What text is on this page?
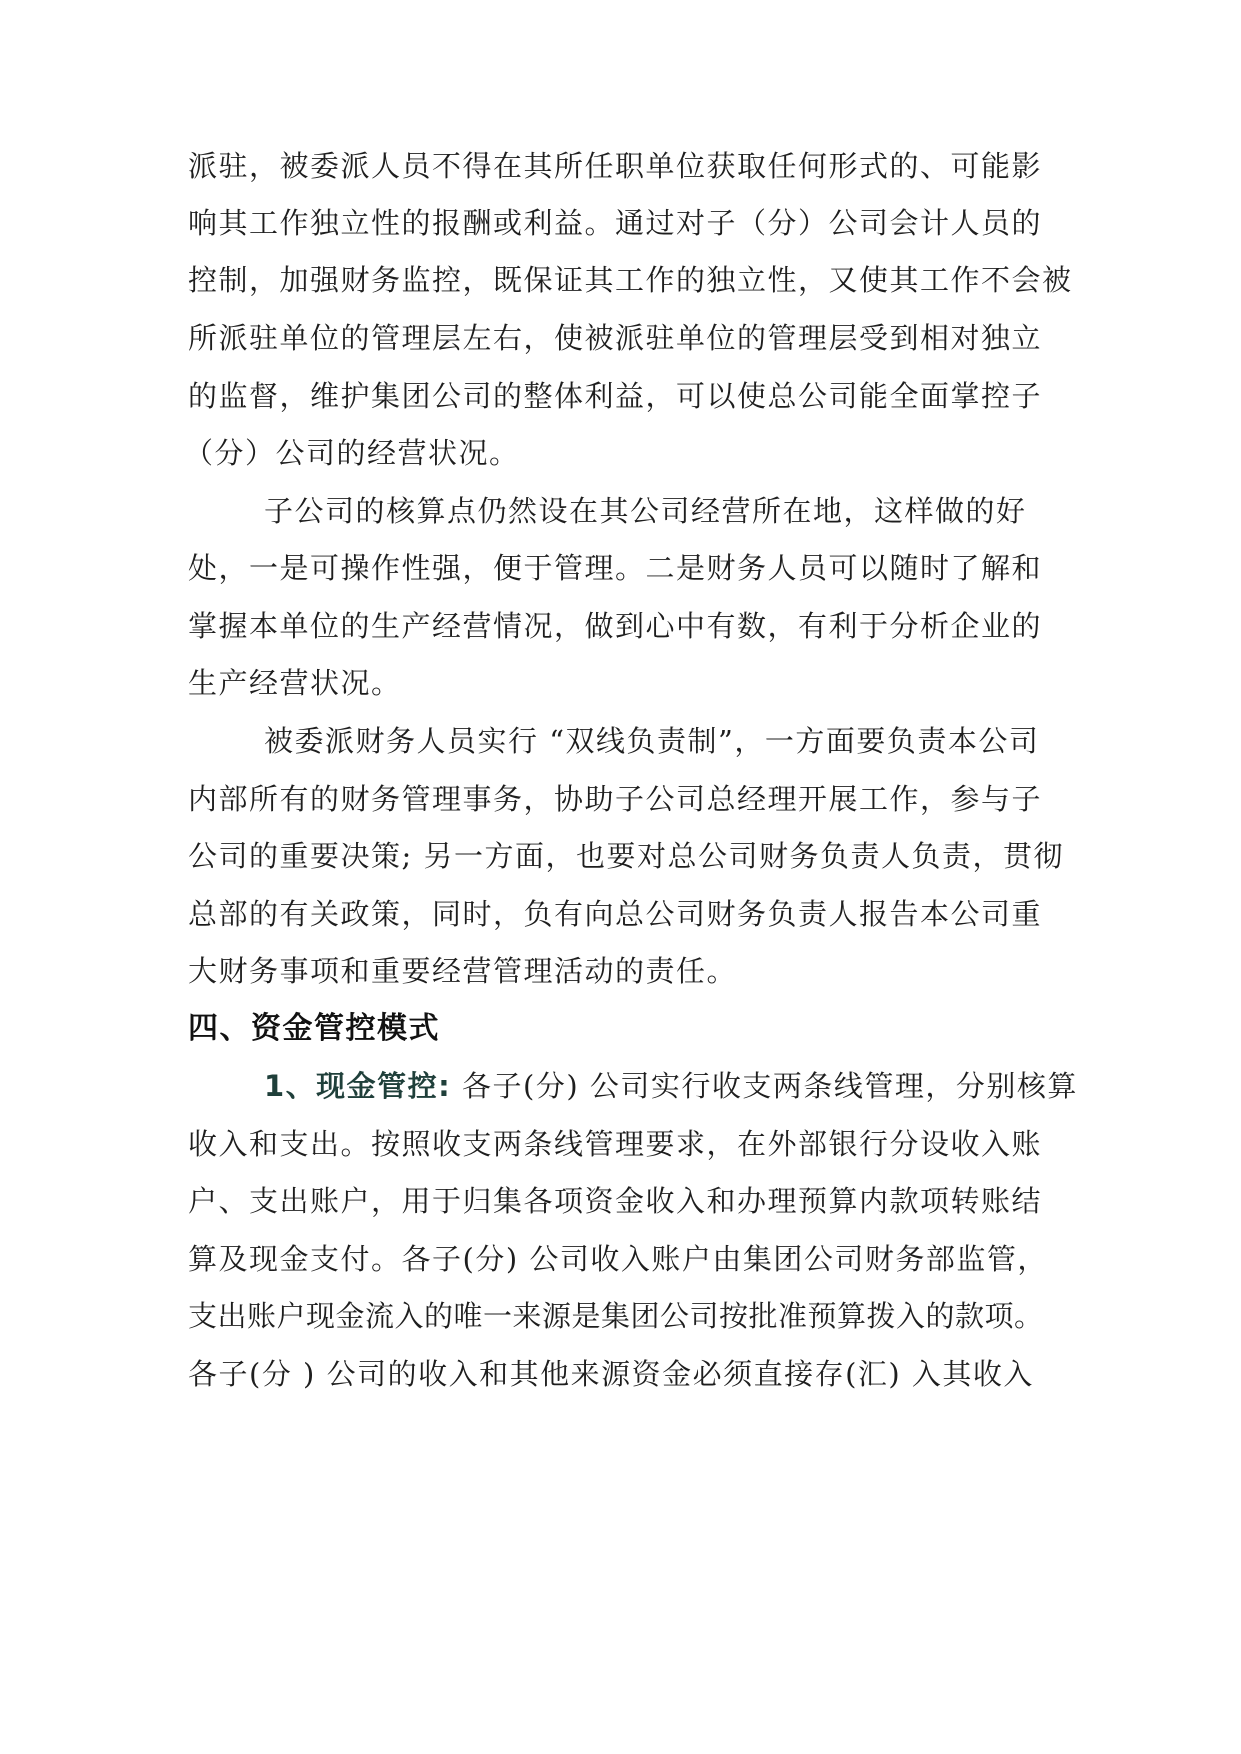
派驻，被委派人员不得在其所任职单位获取任何形式的、可能影
响其工作独立性的报酬或利益。通过对子（分）公司会计人员的
控制，加强财务监控，既保证其工作的独立性，又使其工作不会被
所派驻单位的管理层左右，使被派驻单位的管理层受到相对独立
的监督，维护集团公司的整体利益，可以使总公司能全面掌控子
（分）公司的经营状况。
子公司的核算点仍然设在其公司经营所在地，这样做的好
处，一是可操作性强，便于管理。二是财务人员可以随时了解和
掌握本单位的生产经营情况，做到心中有数，有利于分析企业的
生产经营状况。
被委派财务人员实行 “双线负责制”，一方面要负责本公司
内部所有的财务管理事务，协助子公司总经理开展工作，参与子
公司的重要决策; 另一方面，也要对总公司财务负责人负责，贯彻
总部的有关政策，同时，负有向总公司财务负责人报告本公司重
大财务事项和重要经营管理活动的责任。
四、资金管控模式
1、现金管控: 各子(分) 公司实行收支两条线管理，分别核算
收入和支出。按照收支两条线管理要求，在外部银行分设收入账
户、支出账户，用于归集各项资金收入和办理预算内款项转账结
算及现金支付。各子(分) 公司收入账户由集团公司财务部监管，
支出账户现金流入的唯一来源是集团公司按批准预算拨入的款项。
各子(分 ) 公司的收入和其他来源资金必须直接存(汇) 入其收入
